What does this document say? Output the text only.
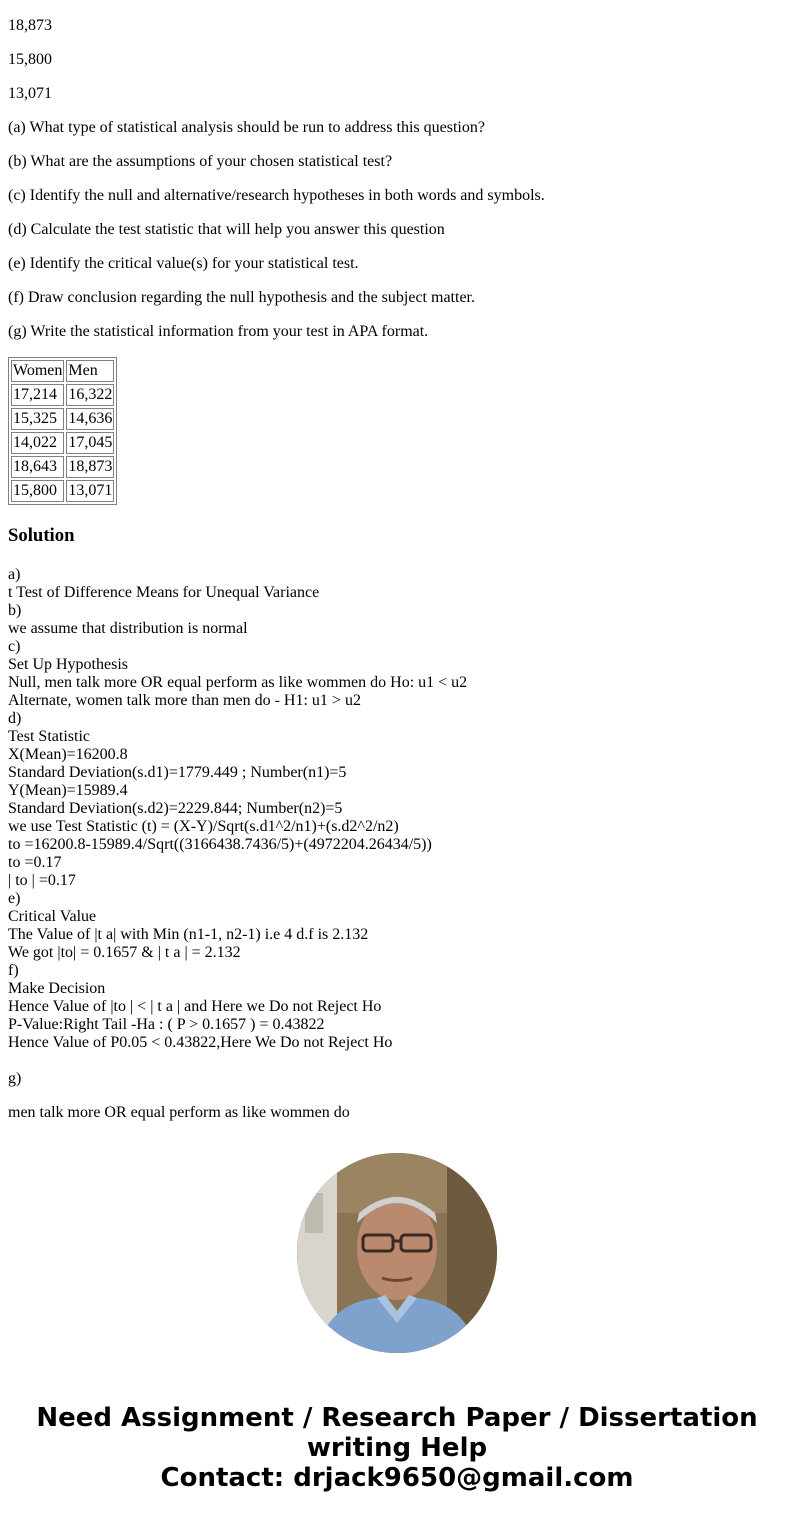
18,873

15,800

13,071

(a) What type of statistical analysis should be run to address this question?

(b) What are the assumptions of your chosen statistical test?

(c) Identify the null and alternative/research hypotheses in both words and symbols.

(d) Calculate the test statistic that will help you answer this question

(e) Identify the critical value(s) for your statistical test.

(f) Draw conclusion regarding the null hypothesis and the subject matter.

(g) Write the statistical information from your test in APA format.

Women	Men
17,214	16,322
15,325	14,636
14,022	17,045
18,643	18,873
15,800	13,071
Solution
a)
t Test of Difference Means for Unequal Variance
b)
we assume that distribution is normal
c)
Set Up Hypothesis
Null, men talk more OR equal perform as like wommen do Ho: u1 < u2
Alternate, women talk more than men do - H1: u1 > u2
d)
Test Statistic
X(Mean)=16200.8
Standard Deviation(s.d1)=1779.449 ; Number(n1)=5
Y(Mean)=15989.4
Standard Deviation(s.d2)=2229.844; Number(n2)=5
we use Test Statistic (t) = (X-Y)/Sqrt(s.d1^2/n1)+(s.d2^2/n2)
to =16200.8-15989.4/Sqrt((3166438.7436/5)+(4972204.26434/5))
to =0.17
| to | =0.17
e)
Critical Value
The Value of |t a| with Min (n1-1, n2-1) i.e 4 d.f is 2.132
We got |to| = 0.1657 & | t a | = 2.132
f)
Make Decision
Hence Value of |to | < | t a | and Here we Do not Reject Ho
P-Value:Right Tail -Ha : ( P > 0.1657 ) = 0.43822
Hence Value of P0.05 < 0.43822,Here We Do not Reject Ho
g)

men talk more OR equal perform as like wommen do

Need Assignment / Research Paper / Dissertation
writing Help
Contact: drjack9650@gmail.com
